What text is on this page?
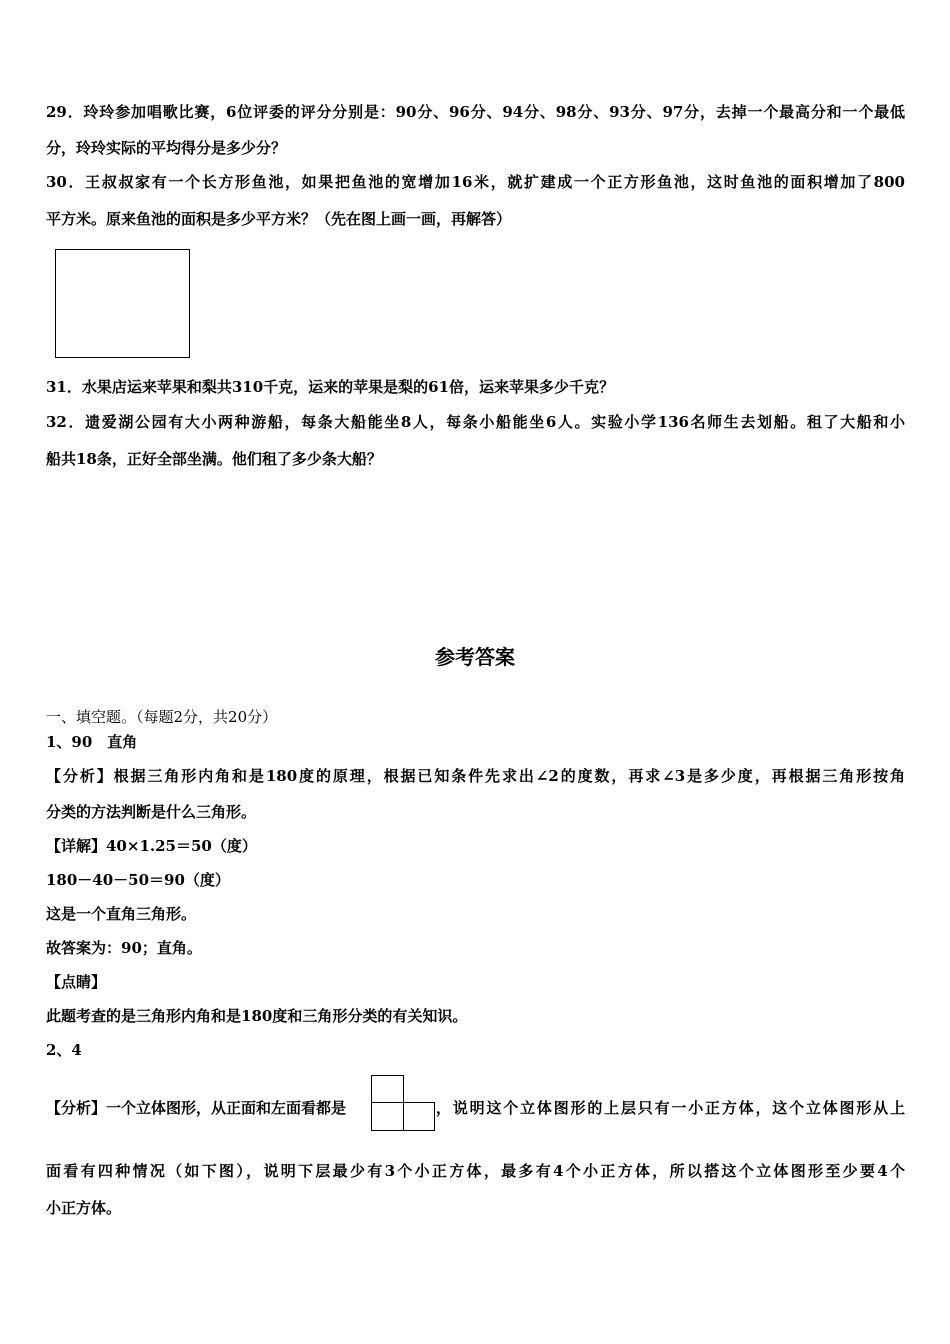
29．玲玲参加唱歌比赛，6位评委的评分分别是：90分、96分、94分、98分、93分、97分，去掉一个最高分和一个最低
分，玲玲实际的平均得分是多少分？
30．王叔叔家有一个长方形鱼池，如果把鱼池的宽增加16米，就扩建成一个正方形鱼池，这时鱼池的面积增加了800
平方米。原来鱼池的面积是多少平方米？（先在图上画一画，再解答）
31．水果店运来苹果和梨共310千克，运来的苹果是梨的61倍，运来苹果多少千克？
32．遗爱湖公园有大小两种游船，每条大船能坐8人，每条小船能坐6人。实验小学136名师生去划船。租了大船和小
船共18条，正好全部坐满。他们租了多少条大船？
参考答案
一、填空题。（每题2分，共20分）
1、90　直角
【分析】根据三角形内角和是180度的原理，根据已知条件先求出∠2的度数，再求∠3是多少度，再根据三角形按角
分类的方法判断是什么三角形。
【详解】40×1.25＝50（度）
180－40－50＝90（度）
这是一个直角三角形。
故答案为：90；直角。
【点睛】
此题考查的是三角形内角和是180度和三角形分类的有关知识。
2、4
【分析】一个立体图形，从正面和左面看都是	，说明这个立体图形的上层只有一小正方体，这个立体图形从上
面看有四种情况（如下图），说明下层最少有3个小正方体，最多有4个小正方体，所以搭这个立体图形至少要4个
小正方体。
